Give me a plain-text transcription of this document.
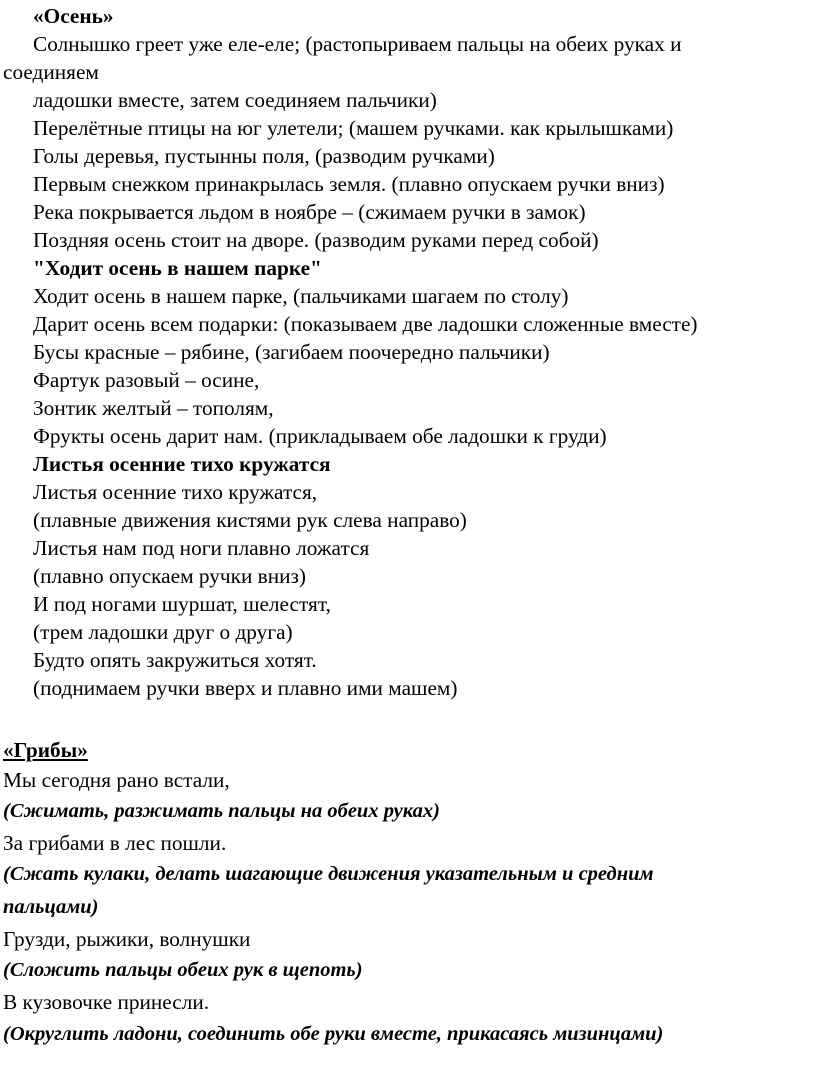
«Осень»
Солнышко греет уже еле-еле; (растопыриваем пальцы на обеих руках и
соединяем
ладошки вместе, затем соединяем пальчики)
Перелётные птицы на юг улетели; (машем ручками. как крылышками)
Голы деревья, пустынны поля, (разводим ручками)
Первым снежком принакрылась земля. (плавно опускаем ручки вниз)
Река покрывается льдом в ноябре – (сжимаем ручки в замок)
Поздняя осень стоит на дворе. (разводим руками перед собой)
"Ходит осень в нашем парке"
Ходит осень в нашем парке, (пальчиками шагаем по столу)
Дарит осень всем подарки: (показываем две ладошки сложенные вместе)
Бусы красные – рябине, (загибаем поочередно пальчики)
Фартук разовый – осине,
Зонтик желтый – тополям,
Фрукты осень дарит нам. (прикладываем обе ладошки к груди)
Листья осенние тихо кружатся
Листья осенние тихо кружатся,
(плавные движения кистями рук слева направо)
Листья нам под ноги плавно ложатся
(плавно опускаем ручки вниз)
И под ногами шуршат, шелестят,
(трем ладошки друг о друга)
Будто опять закружиться хотят.
(поднимаем ручки вверх и плавно ими машем)
«Грибы»
Мы сегодня рано встали,
(Сжимать, разжимать пальцы на обеих руках)
За грибами в лес пошли.
(Сжать кулаки, делать шагающие движения указательным и средним
пальцами)
Грузди, рыжики, волнушки
(Сложить пальцы обеих рук в щепоть)
В кузовочке принесли.
(Округлить ладони, соединить обе руки вместе, прикасаясь мизинцами)
